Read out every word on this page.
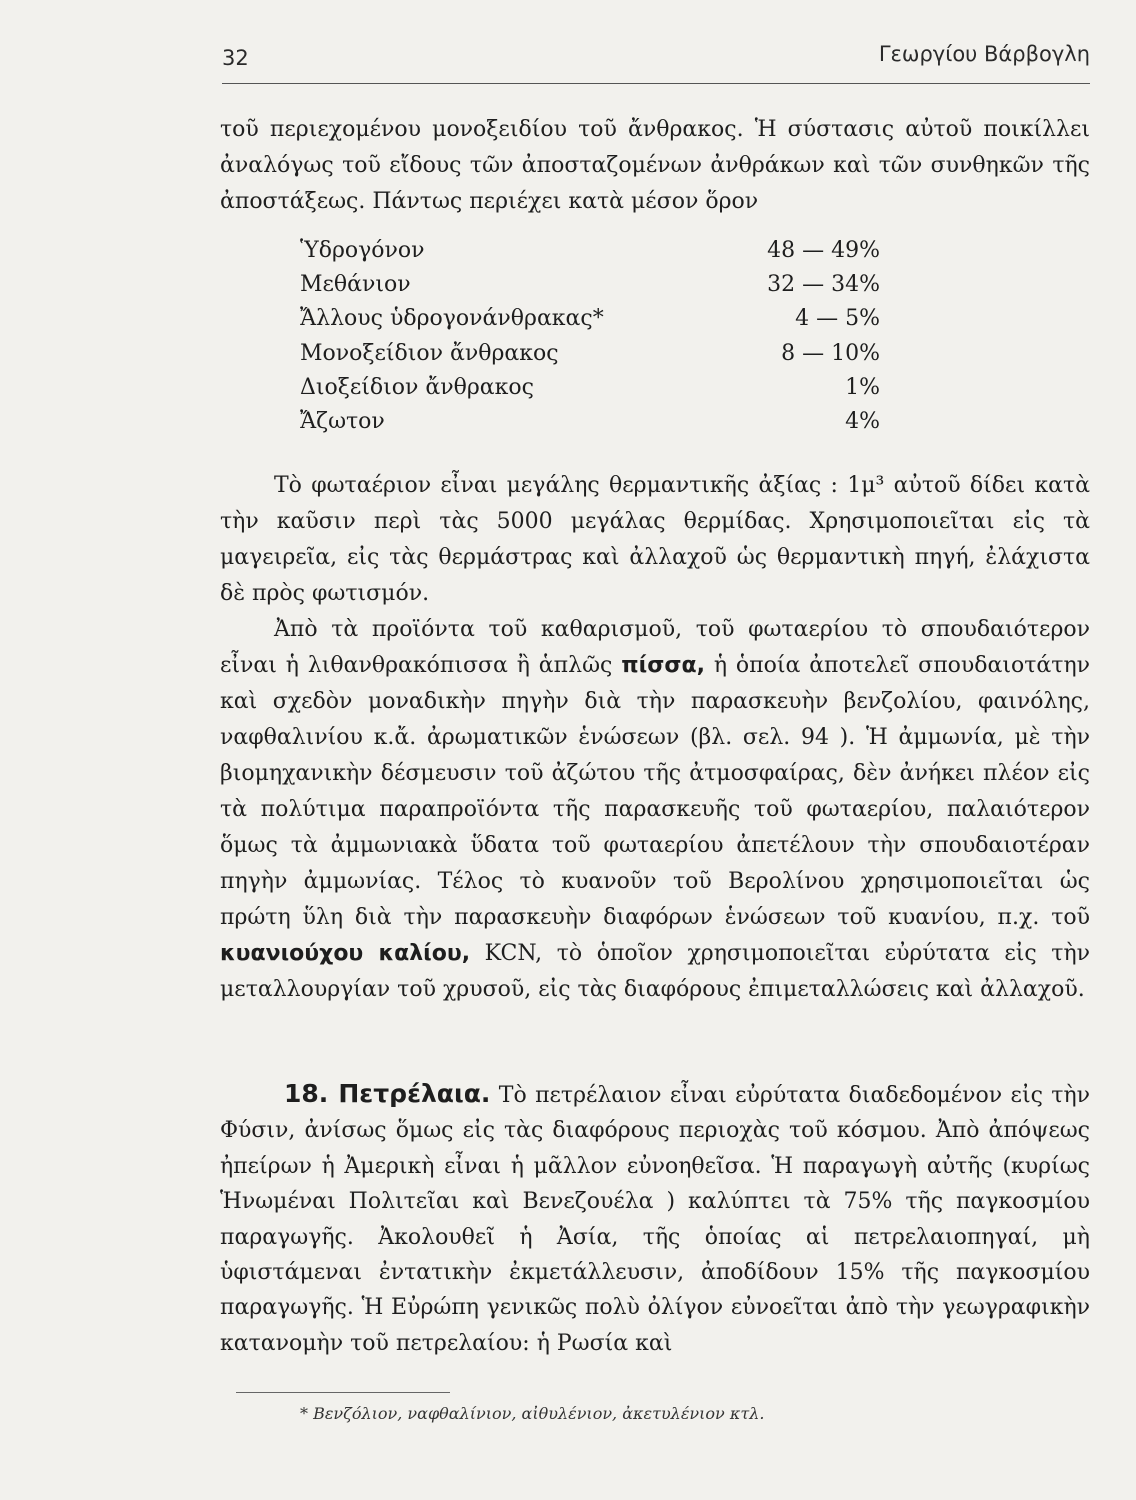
32	Γεωργίου Βάρβογλη

τοῦ περιεχομένου μονοξειδίου τοῦ ἄνθρακος. Ἡ σύστασις αὐτοῦ ποικίλλει ἀναλόγως τοῦ εἴδους τῶν ἀποσταζομένων ἀνθράκων καὶ τῶν συνθηκῶν τῆς ἀποστάξεως. Πάντως περιέχει κατὰ μέσον ὅρον

Ὑδρογόνον	48 — 49%
Μεθάνιον	32 — 34%
Ἄλλους ὑδρογονάνθρακας*	4 — 5%
Μονοξείδιον ἄνθρακος	8 — 10%
Διοξείδιον ἄνθρακος	1%
Ἄζωτον	4%

Τὸ φωταέριον εἶναι μεγάλης θερμαντικῆς ἀξίας : 1μ³ αὐτοῦ δίδει κατὰ τὴν καῦσιν περὶ τὰς 5000 μεγάλας θερμίδας. Χρησιμοποιεῖται εἰς τὰ μαγειρεῖα, εἰς τὰς θερμάστρας καὶ ἀλλαχοῦ ὡς θερμαντικὴ πηγή, ἐλάχιστα δὲ πρὸς φωτισμόν.

Ἀπὸ τὰ προϊόντα τοῦ καθαρισμοῦ, τοῦ φωταερίου τὸ σπουδαιότερον εἶναι ἡ λιθανθρακόπισσα ἢ ἁπλῶς πίσσα, ἡ ὁποία ἀποτελεῖ σπουδαιοτάτην καὶ σχεδὸν μοναδικὴν πηγὴν διὰ τὴν παρασκευὴν βενζολίου, φαινόλης, ναφθαλινίου κ.ἄ. ἀρωματικῶν ἑνώσεων (βλ. σελ. 94 ). Ἡ ἀμμωνία, μὲ τὴν βιομηχανικὴν δέσμευσιν τοῦ ἀζώτου τῆς ἀτμοσφαίρας, δὲν ἀνήκει πλέον εἰς τὰ πολύτιμα παραπροϊόντα τῆς παρασκευῆς τοῦ φωταερίου, παλαιότερον ὅμως τὰ ἀμμωνιακὰ ὕδατα τοῦ φωταερίου ἀπετέλουν τὴν σπουδαιοτέραν πηγὴν ἀμμωνίας. Τέλος τὸ κυανοῦν τοῦ Βερολίνου χρησιμοποιεῖται ὡς πρώτη ὕλη διὰ τὴν παρασκευὴν διαφόρων ἑνώσεων τοῦ κυανίου, π.χ. τοῦ κυανιούχου καλίου, KCN, τὸ ὁποῖον χρησιμοποιεῖται εὐρύτατα εἰς τὴν μεταλλουργίαν τοῦ χρυσοῦ, εἰς τὰς διαφόρους ἐπιμεταλλώσεις καὶ ἀλλαχοῦ.

18. Πετρέλαια. Τὸ πετρέλαιον εἶναι εὐρύτατα διαδεδομένον εἰς τὴν Φύσιν, ἀνίσως ὅμως εἰς τὰς διαφόρους περιοχὰς τοῦ κόσμου. Ἀπὸ ἀπόψεως ἠπείρων ἡ Ἀμερικὴ εἶναι ἡ μᾶλλον εὐνοηθεῖσα. Ἡ παραγωγὴ αὐτῆς (κυρίως Ἡνωμέναι Πολιτεῖαι καὶ Βενεζουέλα ) καλύπτει τὰ 75% τῆς παγκοσμίου παραγωγῆς. Ἀκολουθεῖ ἡ Ἀσία, τῆς ὁποίας αἱ πετρελαιοπηγαί, μὴ ὑφιστάμεναι ἐντατικὴν ἐκμετάλλευσιν, ἀποδίδουν 15% τῆς παγκοσμίου παραγωγῆς. Ἡ Εὐρώπη γενικῶς πολὺ ὀλίγον εὐνοεῖται ἀπὸ τὴν γεωγραφικὴν κατανομὴν τοῦ πετρελαίου: ἡ Ρωσία καὶ

* Βενζόλιον, ναφθαλίνιον, αἰθυλένιον, ἀκετυλένιον κτλ.
